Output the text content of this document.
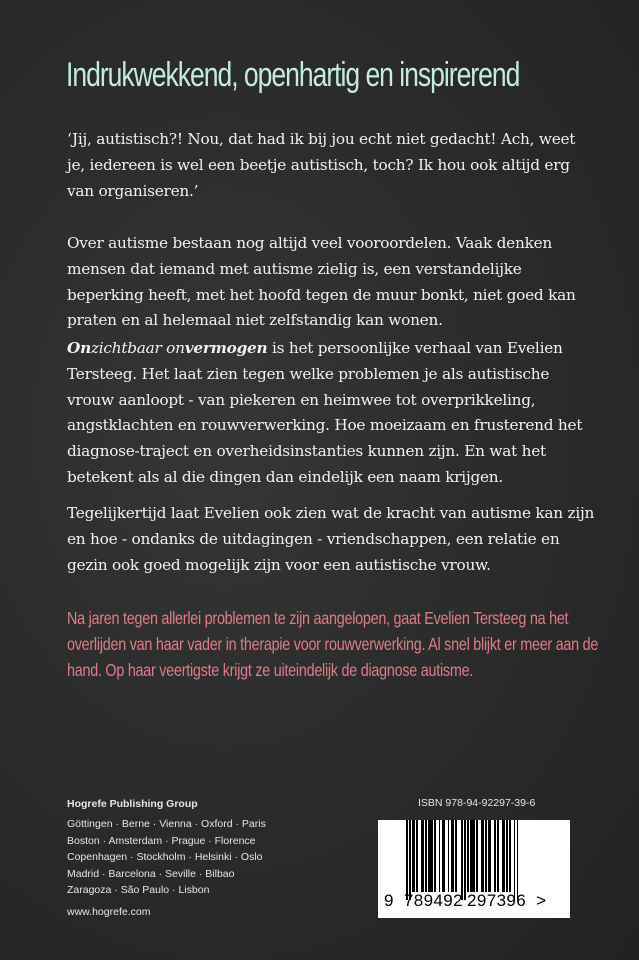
Indrukwekkend, openhartig en inspirerend

‘Jij, autistisch?! Nou, dat had ik bij jou echt niet gedacht! Ach, weet je, iedereen is wel een beetje autistisch, toch? Ik hou ook altijd erg van organiseren.’

Over autisme bestaan nog altijd veel vooroordelen. Vaak denken mensen dat iemand met autisme zielig is, een verstandelijke beperking heeft, met het hoofd tegen de muur bonkt, niet goed kan praten en al helemaal niet zelfstandig kan wonen.

Onzichtbaar onvermogen is het persoonlijke verhaal van Evelien Tersteeg. Het laat zien tegen welke problemen je als autistische vrouw aanloopt - van piekeren en heimwee tot overprikkeling, angstklachten en rouwverwerking. Hoe moeizaam en frusterend het diagnose-traject en overheidsinstanties kunnen zijn. En wat het betekent als al die dingen dan eindelijk een naam krijgen.

Tegelijkertijd laat Evelien ook zien wat de kracht van autisme kan zijn en hoe - ondanks de uitdagingen - vriendschappen, een relatie en gezin ook goed mogelijk zijn voor een autistische vrouw.

Na jaren tegen allerlei problemen te zijn aangelopen, gaat Evelien Tersteeg na het overlijden van haar vader in therapie voor rouwverwerking. Al snel blijkt er meer aan de hand. Op haar veertigste krijgt ze uiteindelijk de diagnose autisme.

Hogrefe Publishing Group
Göttingen · Berne · Vienna · Oxford · Paris
Boston · Amsterdam · Prague · Florence
Copenhagen · Stockholm · Helsinki · Oslo
Madrid · Barcelona · Seville · Bilbao
Zaragoza · São Paulo · Lisbon
www.hogrefe.com
ISBN 978-94-92297-39-6
9 789492 297396 >
